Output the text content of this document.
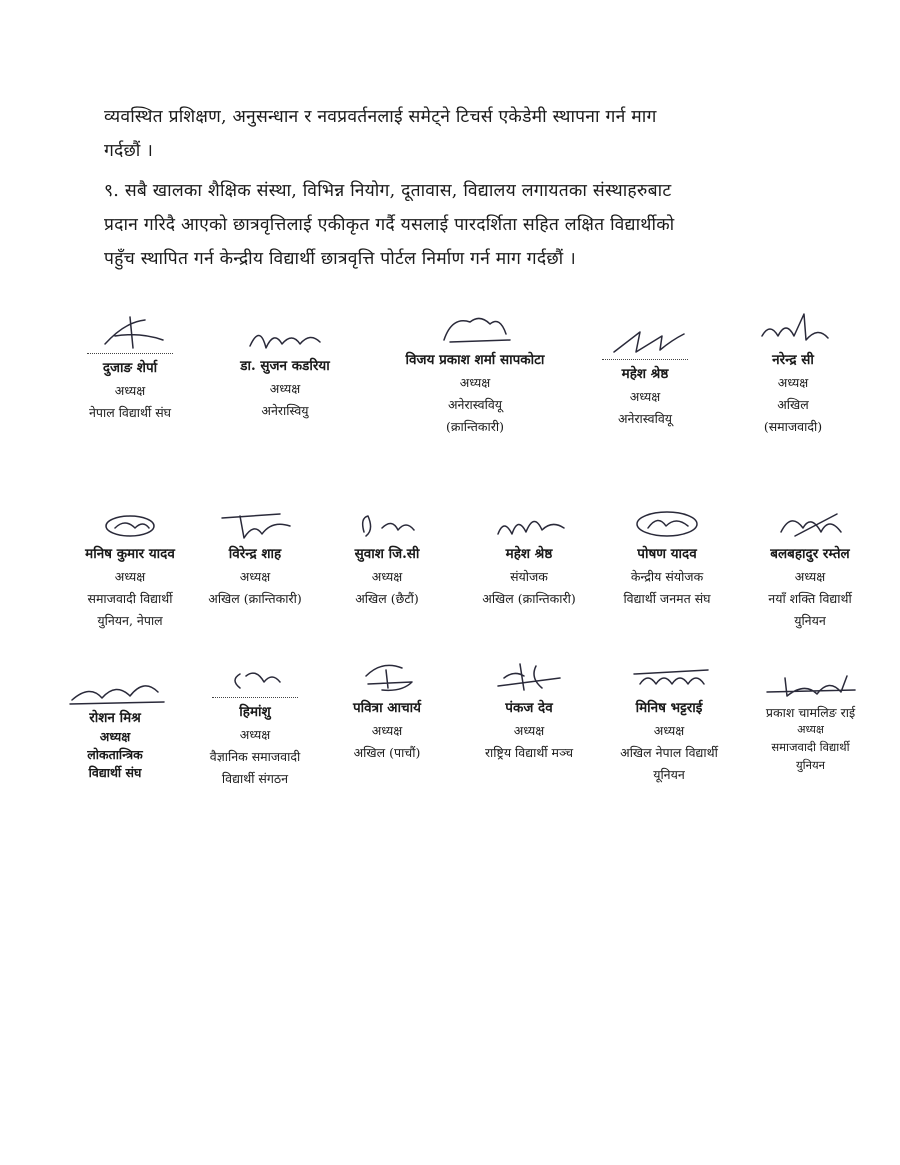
व्यवस्थित प्रशिक्षण, अनुसन्धान र नवप्रवर्तनलाई समेट्ने टिचर्स एकेडेमी स्थापना गर्न माग
गर्दछौं ।
९. सबै खालका शैक्षिक संस्था, विभिन्न नियोग, दूतावास, विद्यालय लगायतका संस्थाहरुबाट
प्रदान गरिदै आएको छात्रवृत्तिलाई एकीकृत गर्दै यसलाई पारदर्शिता सहित लक्षित विद्यार्थीको
पहुँच स्थापित गर्न केन्द्रीय विद्यार्थी छात्रवृत्ति पोर्टल निर्माण गर्न माग गर्दछौं ।
दुजाङ शेर्पा
अध्यक्ष
नेपाल विद्यार्थी संघ
डा. सुजन कडरिया
अध्यक्ष
अनेरास्वियु
विजय प्रकाश शर्मा सापकोटा
अध्यक्ष
अनेरास्ववियू
(क्रान्तिकारी)
महेश श्रेष्ठ
अध्यक्ष
अनेरास्ववियू
नरेन्द्र सी
अध्यक्ष
अखिल
(समाजवादी)
मनिष कुमार यादव
अध्यक्ष
समाजवादी विद्यार्थी
युनियन, नेपाल
विरेन्द्र शाह
अध्यक्ष
अखिल (क्रान्तिकारी)
सुवाश जि.सी
अध्यक्ष
अखिल (छैटौं)
महेश श्रेष्ठ
संयोजक
अखिल (क्रान्तिकारी)
पोषण यादव
केन्द्रीय संयोजक
विद्यार्थी जनमत संघ
बलबहादुर रम्तेल
अध्यक्ष
नयाँ शक्ति विद्यार्थी
युनियन
रोशन मिश्र
अध्यक्ष
लोकतान्त्रिक
विद्यार्थी संघ
हिमांशु
अध्यक्ष
वैज्ञानिक समाजवादी
विद्यार्थी संगठन
पवित्रा आचार्य
अध्यक्ष
अखिल (पाचौं)
पंकज देव
अध्यक्ष
राष्ट्रिय विद्यार्थी मञ्च
मिनिष भट्टराई
अध्यक्ष
अखिल नेपाल विद्यार्थी
यूनियन
प्रकाश चामलिङ राई
अध्यक्ष
समाजवादी विद्यार्थी
युनियन
